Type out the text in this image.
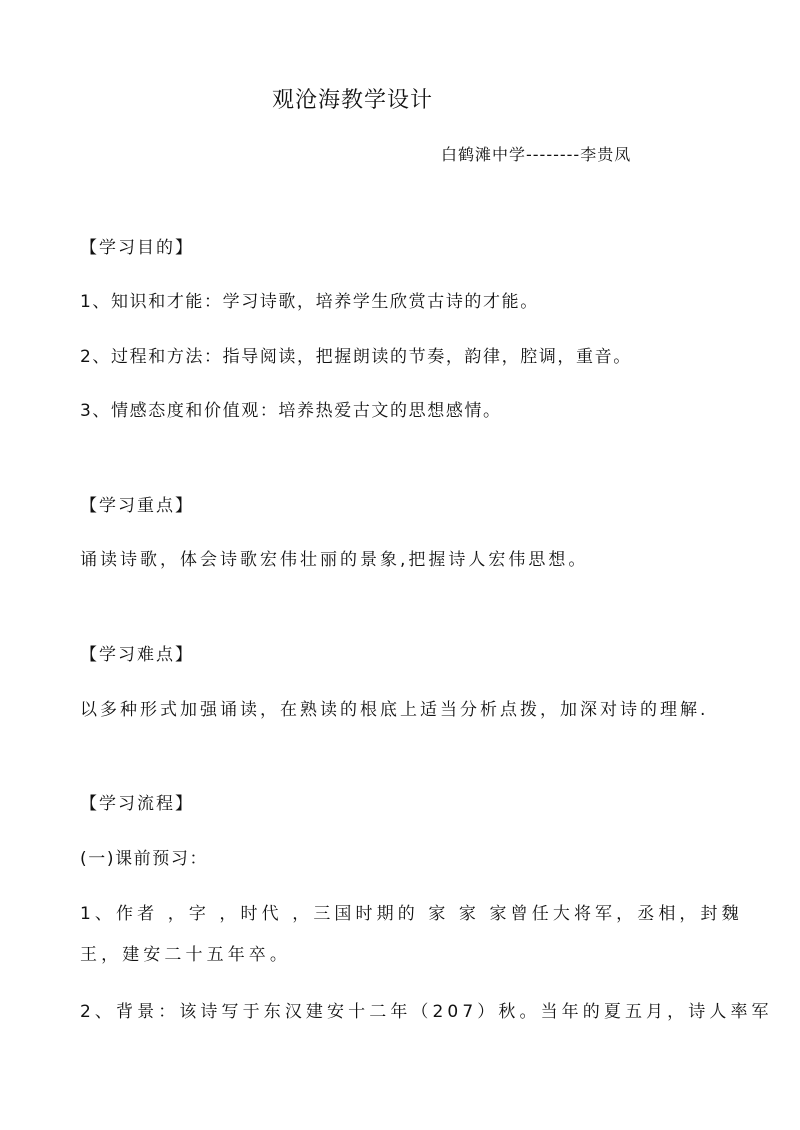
观沧海教学设计
白鹤滩中学--------李贵凤
【学习目的】
1、知识和才能：学习诗歌，培养学生欣赏古诗的才能。
2、过程和方法：指导阅读，把握朗读的节奏，韵律，腔调，重音。
3、情感态度和价值观：培养热爱古文的思想感情。
【学习重点】
诵读诗歌，体会诗歌宏伟壮丽的景象,把握诗人宏伟思想。
【学习难点】
以多种形式加强诵读，在熟读的根底上适当分析点拨，加深对诗的理解.
【学习流程】
(一)课前预习：
1、作者 ，字 ，时代 ，三国时期的 家 家 家曾任大将军，丞相，封魏
王，建安二十五年卒。
2、背景：该诗写于东汉建安十二年（207）秋。当年的夏五月，诗人率军
